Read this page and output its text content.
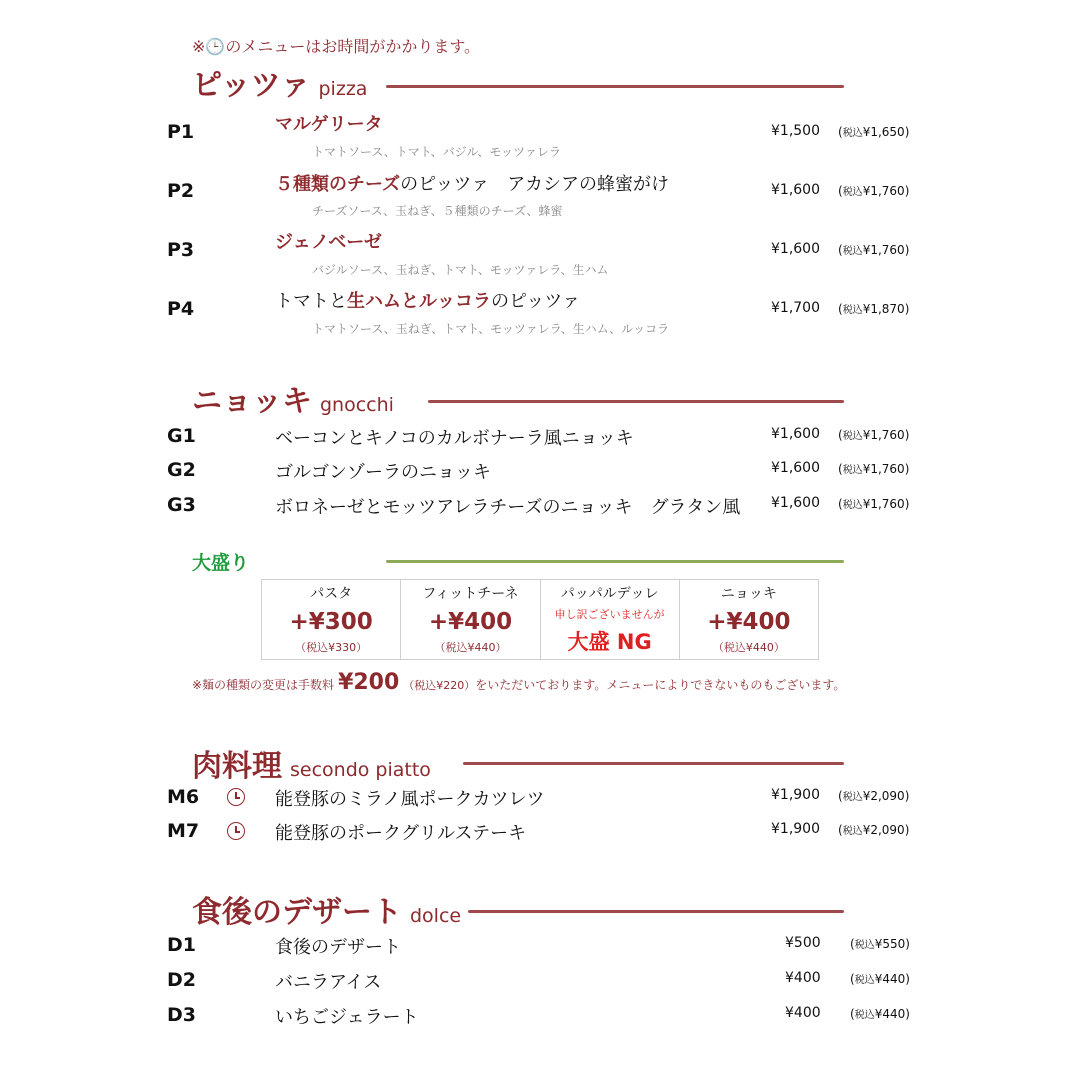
※🕒のメニューはお時間がかかります。
ピッツァ pizza
P1	マルゲリータ
トマトソース、トマト、バジル、モッツァレラ
¥1,500 (税込¥1,650)
P2	５種類のチーズのピッツァ　アカシアの蜂蜜がけ
チーズソース、玉ねぎ、５種類のチーズ、蜂蜜
¥1,600 (税込¥1,760)
P3	ジェノベーゼ
バジルソース、玉ねぎ、トマト、モッツァレラ、生ハム
¥1,600 (税込¥1,760)
P4	トマトと生ハムとルッコラのピッツァ
トマトソース、玉ねぎ、トマト、モッツァレラ、生ハム、ルッコラ
¥1,700 (税込¥1,870)
ニョッキ gnocchi
G1	ベーコンとキノコのカルボナーラ風ニョッキ	¥1,600 (税込¥1,760)
G2	ゴルゴンゾーラのニョッキ	¥1,600 (税込¥1,760)
G3	ボロネーゼとモッツアレラチーズのニョッキ　グラタン風 ¥1,600 (税込¥1,760)
大盛り
パスタ
+¥300
（税込¥330）

フィットチーネ
+¥400
（税込¥440）

パッパルデッレ
申し訳ございませんが
大盛 NG

ニョッキ
+¥400
（税込¥440）
※麺の種類の変更は手数料 ¥200 （税込¥220）をいただいております。メニューによりできないものもございます。
肉料理 secondo piatto
M6	能登豚のミラノ風ポークカツレツ	¥1,900 (税込¥2,090)
M7	能登豚のポークグリルステーキ	¥1,900 (税込¥2,090)
食後のデザート dolce
D1	食後のデザート	¥500 (税込¥550)
D2	バニラアイス	¥400 (税込¥440)
D3	いちごジェラート	¥400 (税込¥440)
